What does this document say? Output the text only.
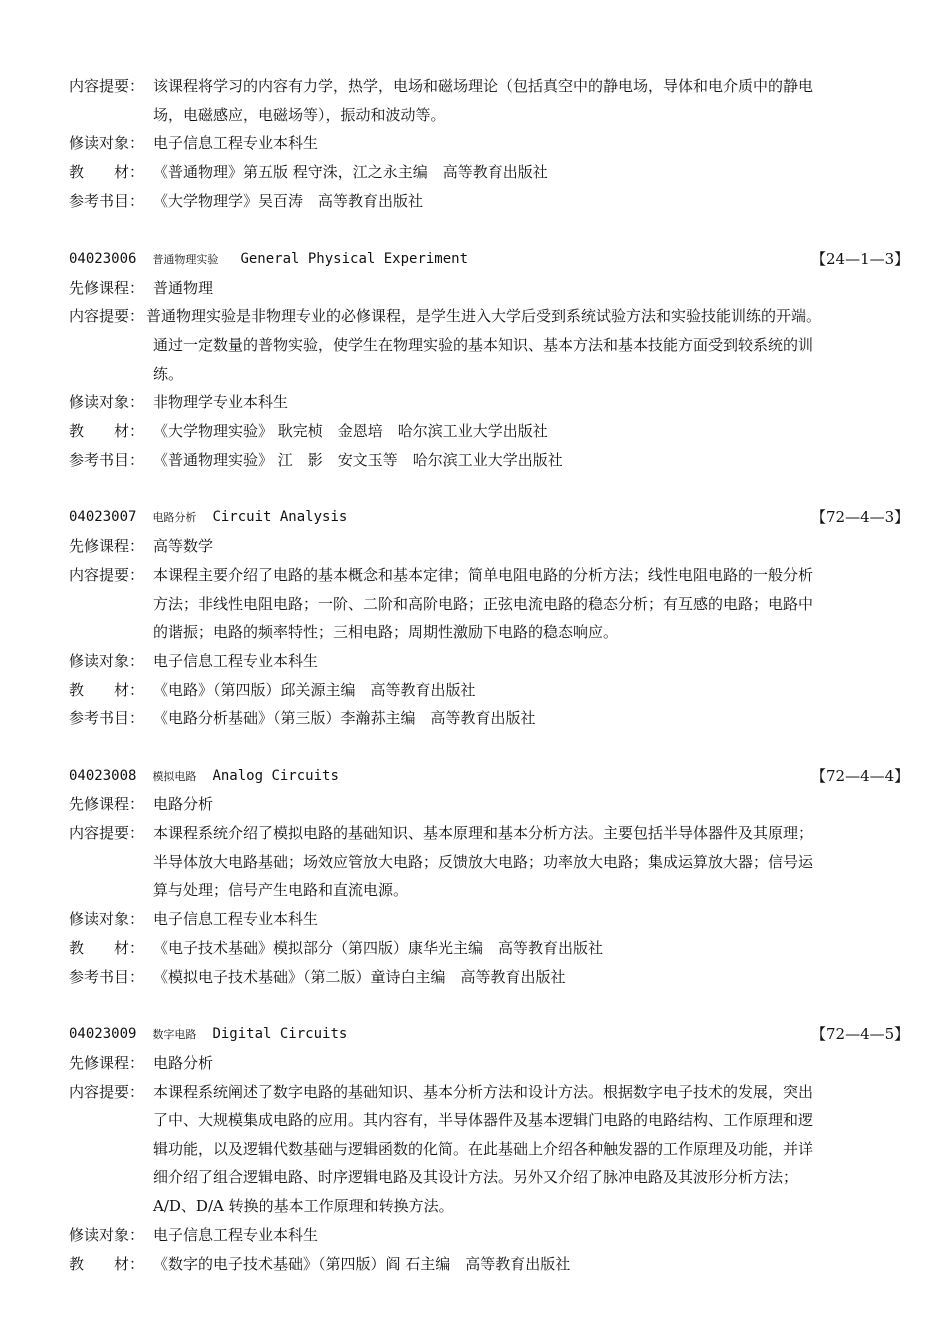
内容提要： 该课程将学习的内容有力学，热学，电场和磁场理论（包括真空中的静电场，导体和电介质中的静电
场，电磁感应，电磁场等），振动和波动等。
修读对象： 电子信息工程专业本科生
教　　材： 《普通物理》第五版 程守洙，江之永主编　高等教育出版社
参考书目： 《大学物理学》吴百涛　高等教育出版社
04023006 普通物理实验 General Physical Experiment	【24—1—3】
先修课程： 普通物理
内容提要： 普通物理实验是非物理专业的必修课程，是学生进入大学后受到系统试验方法和实验技能训练的开端。
通过一定数量的普物实验，使学生在物理实验的基本知识、基本方法和基本技能方面受到较系统的训
练。
修读对象： 非物理学专业本科生
教　　材： 《大学物理实验》 耿完桢　金恩培　哈尔滨工业大学出版社
参考书目： 《普通物理实验》 江　影　安文玉等　哈尔滨工业大学出版社
04023007 电路分析 Circuit Analysis	【72—4—3】
先修课程： 高等数学
内容提要： 本课程主要介绍了电路的基本概念和基本定律；简单电阻电路的分析方法；线性电阻电路的一般分析
方法；非线性电阻电路；一阶、二阶和高阶电路；正弦电流电路的稳态分析；有互感的电路；电路中
的谐振；电路的频率特性；三相电路；周期性激励下电路的稳态响应。
修读对象： 电子信息工程专业本科生
教　　材： 《电路》（第四版）邱关源主编　高等教育出版社
参考书目： 《电路分析基础》（第三版）李瀚荪主编　高等教育出版社
04023008 模拟电路 Analog Circuits	【72—4—4】
先修课程： 电路分析
内容提要： 本课程系统介绍了模拟电路的基础知识、基本原理和基本分析方法。主要包括半导体器件及其原理；
半导体放大电路基础；场效应管放大电路；反馈放大电路；功率放大电路；集成运算放大器；信号运
算与处理；信号产生电路和直流电源。
修读对象： 电子信息工程专业本科生
教　　材： 《电子技术基础》模拟部分（第四版）康华光主编　高等教育出版社
参考书目： 《模拟电子技术基础》（第二版）童诗白主编　高等教育出版社
04023009 数字电路 Digital Circuits	【72—4—5】
先修课程： 电路分析
内容提要： 本课程系统阐述了数字电路的基础知识、基本分析方法和设计方法。根据数字电子技术的发展，突出
了中、大规模集成电路的应用。其内容有，半导体器件及基本逻辑门电路的电路结构、工作原理和逻
辑功能，以及逻辑代数基础与逻辑函数的化简。在此基础上介绍各种触发器的工作原理及功能，并详
细介绍了组合逻辑电路、时序逻辑电路及其设计方法。另外又介绍了脉冲电路及其波形分析方法；
A/D、D/A 转换的基本工作原理和转换方法。
修读对象： 电子信息工程专业本科生
教　　材： 《数字的电子技术基础》（第四版）阎 石主编　高等教育出版社
